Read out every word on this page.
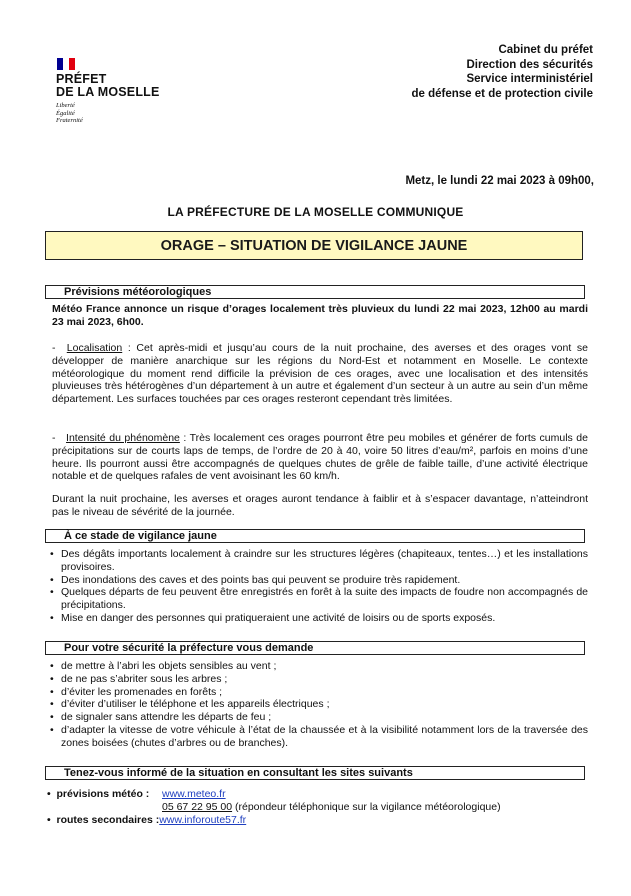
PRÉFET
DE LA MOSELLE
Liberté
Égalité
Fraternité
Cabinet du préfet
Direction des sécurités
Service interministériel
de défense et de protection civile
Metz, le lundi 22 mai 2023 à 09h00,
LA PRÉFECTURE DE LA MOSELLE COMMUNIQUE
ORAGE – SITUATION DE VIGILANCE JAUNE
Prévisions météorologiques
Météo France annonce un risque d’orages localement très pluvieux du lundi 22 mai 2023, 12h00 au mardi 23 mai 2023, 6h00.
-  Localisation : Cet après-midi et jusqu’au cours de la nuit prochaine, des averses et des orages vont se développer de manière anarchique sur les régions du Nord-Est et notamment en Moselle. Le contexte météorologique du moment rend difficile la prévision de ces orages, avec une localisation et des intensités pluvieuses très hétérogènes d’un département à un autre et également d’un secteur à un autre au sein d’un même département. Les surfaces touchées par ces orages resteront cependant très limitées.
-   Intensité du phénomène : Très localement ces orages pourront être peu mobiles et générer de forts cumuls de précipitations sur de courts laps de temps, de l’ordre de 20 à 40, voire 50 litres d’eau/m², parfois en moins d’une heure. Ils pourront aussi être accompagnés de quelques chutes de grêle de faible taille, d’une activité électrique notable et de quelques rafales de vent avoisinant les 60 km/h.
Durant la nuit prochaine, les averses et orages auront tendance à faiblir et à s’espacer davantage, n’atteindront pas le niveau de sévérité de la journée.
À ce stade de vigilance jaune
• Des dégâts importants localement à craindre sur les structures légères (chapiteaux, tentes…) et les installations provisoires.
• Des inondations des caves et des points bas qui peuvent se produire très rapidement.
• Quelques départs de feu peuvent être enregistrés en forêt à la suite des impacts de foudre non accompagnés de précipitations.
• Mise en danger des personnes qui pratiqueraient une activité de loisirs ou de sports exposés.
Pour votre sécurité la préfecture vous demande
• de mettre à l’abri les objets sensibles au vent ;
• de ne pas s’abriter sous les arbres ;
• d’éviter les promenades en forêts ;
• d’éviter d’utiliser le téléphone et les appareils électriques ;
• de signaler sans attendre les départs de feu ;
• d’adapter la vitesse de votre véhicule à l’état de la chaussée et à la visibilité notamment lors de la traversée des zones boisées (chutes d’arbres ou de branches).
Tenez-vous informé de la situation en consultant les sites suivants
•  prévisions météo : www.meteo.fr
05 67 22 95 00 (répondeur téléphonique sur la vigilance météorologique)
•  routes secondaires :www.inforoute57.fr
